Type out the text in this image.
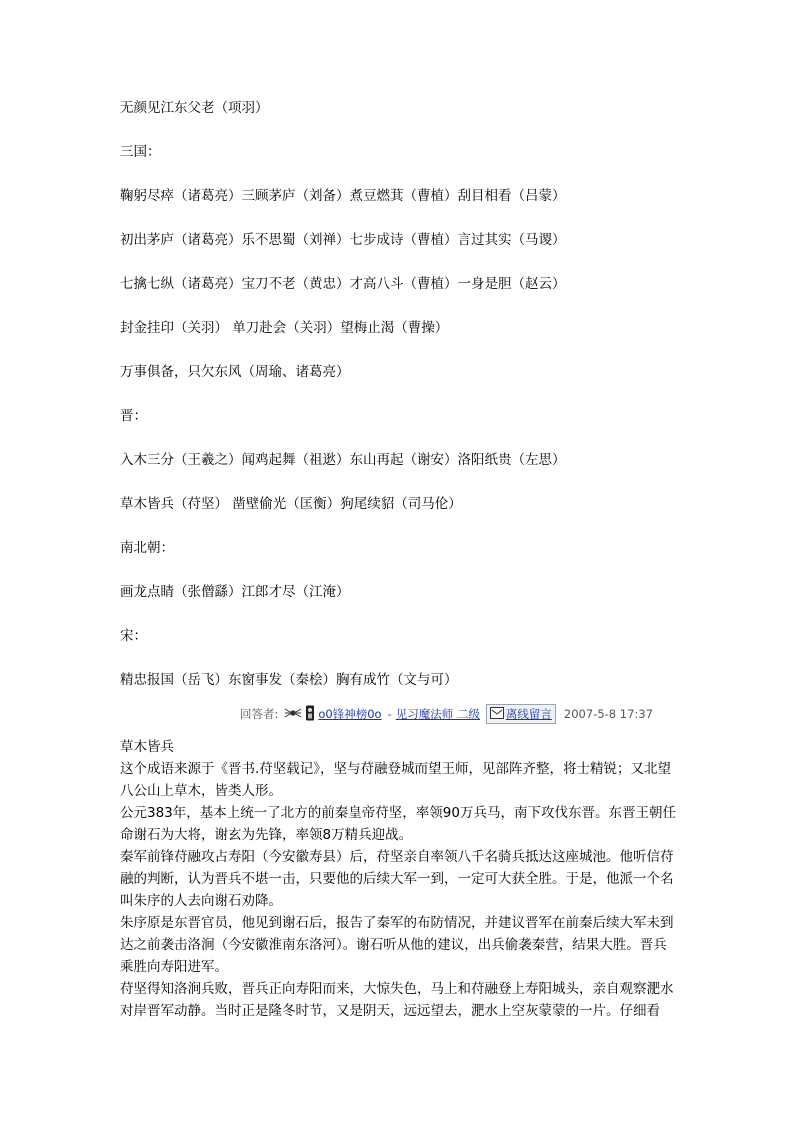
无颜见江东父老（项羽）

三国：

鞠躬尽瘁（诸葛亮）三顾茅庐（刘备）煮豆燃萁（曹植）刮目相看（吕蒙）

初出茅庐（诸葛亮）乐不思蜀（刘禅）七步成诗（曹植）言过其实（马谡）

七擒七纵（诸葛亮）宝刀不老（黄忠）才高八斗（曹植）一身是胆（赵云）

封金挂印（关羽） 单刀赴会（关羽）望梅止渴（曹操）

万事俱备，只欠东风（周瑜、诸葛亮）

晋：

入木三分（王羲之）闻鸡起舞（祖逖）东山再起（谢安）洛阳纸贵（左思）

草木皆兵（苻坚） 凿壁偷光（匡衡）狗尾续貂（司马伦）

南北朝：

画龙点睛（张僧繇）江郎才尽（江淹）

宋：

精忠报国（岳飞）东窗事发（秦桧）胸有成竹（文与可）

回答者:	o0锋神榜0o - 见习魔法师 二级 离线留言 2007-5-8 17:37

草木皆兵

这个成语来源于《晋书.苻坚载记》，坚与苻融登城而望王师，见部阵齐整，将士精锐；又北望八公山上草木，皆类人形。

公元383年，基本上统一了北方的前秦皇帝苻坚，率领90万兵马，南下攻伐东晋。东晋王朝任命谢石为大将，谢玄为先锋，率领8万精兵迎战。

秦军前锋苻融攻占寿阳（今安徽寿县）后，苻坚亲自率领八千名骑兵抵达这座城池。他听信苻融的判断，认为晋兵不堪一击，只要他的后续大军一到，一定可大获全胜。于是，他派一个名叫朱序的人去向谢石劝降。

朱序原是东晋官员，他见到谢石后，报告了秦军的布防情况，并建议晋军在前秦后续大军未到达之前袭击洛涧（今安徽淮南东洛河）。谢石听从他的建议，出兵偷袭秦营，结果大胜。晋兵乘胜向寿阳进军。

苻坚得知洛涧兵败，晋兵正向寿阳而来，大惊失色，马上和苻融登上寿阳城头，亲自观察淝水对岸晋军动静。当时正是隆冬时节，又是阴天，远远望去，淝水上空灰蒙蒙的一片。仔细看
